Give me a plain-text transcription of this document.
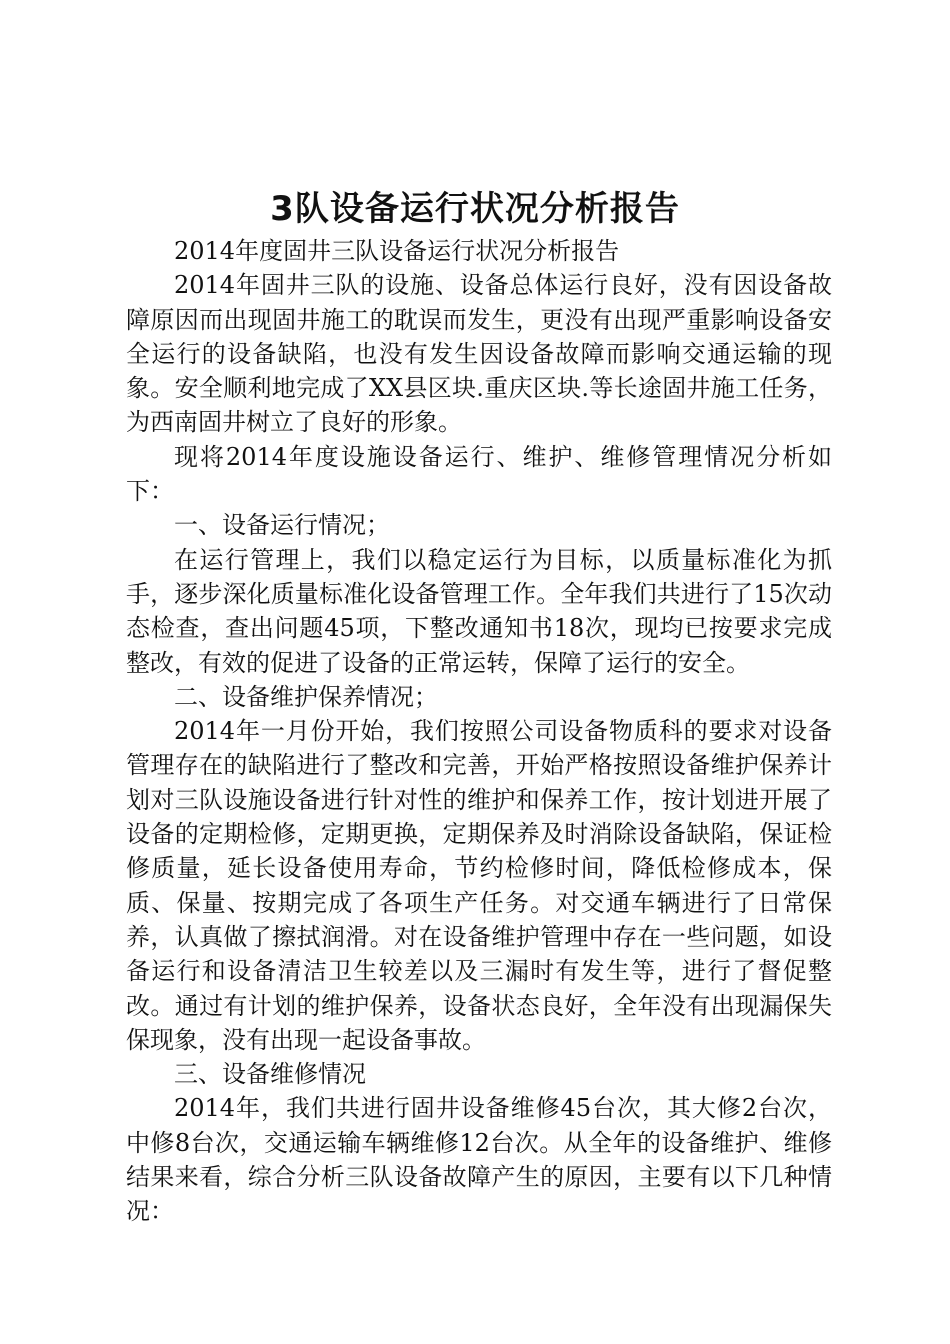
3队设备运行状况分析报告

2014年度固井三队设备运行状况分析报告

2014年固井三队的设施、设备总体运行良好，没有因设备故障原因而出现固井施工的耽误而发生，更没有出现严重影响设备安全运行的设备缺陷，也没有发生因设备故障而影响交通运输的现象。安全顺利地完成了XX县区块.重庆区块.等长途固井施工任务，为西南固井树立了良好的形象。

现将2014年度设施设备运行、维护、维修管理情况分析如下：

一、设备运行情况；

在运行管理上，我们以稳定运行为目标，以质量标准化为抓手，逐步深化质量标准化设备管理工作。全年我们共进行了15次动态检查，查出问题45项，下整改通知书18次，现均已按要求完成整改，有效的促进了设备的正常运转，保障了运行的安全。

二、设备维护保养情况；

2014年一月份开始，我们按照公司设备物质科的要求对设备管理存在的缺陷进行了整改和完善，开始严格按照设备维护保养计划对三队设施设备进行针对性的维护和保养工作，按计划进开展了设备的定期检修，定期更换，定期保养及时消除设备缺陷，保证检修质量，延长设备使用寿命，节约检修时间，降低检修成本，保质、保量、按期完成了各项生产任务。对交通车辆进行了日常保养，认真做了擦拭润滑。对在设备维护管理中存在一些问题，如设备运行和设备清洁卫生较差以及三漏时有发生等，进行了督促整改。通过有计划的维护保养，设备状态良好，全年没有出现漏保失保现象，没有出现一起设备事故。

三、设备维修情况

2014年，我们共进行固井设备维修45台次，其大修2台次，中修8台次，交通运输车辆维修12台次。从全年的设备维护、维修结果来看，综合分析三队设备故障产生的原因，主要有以下几种情况：
